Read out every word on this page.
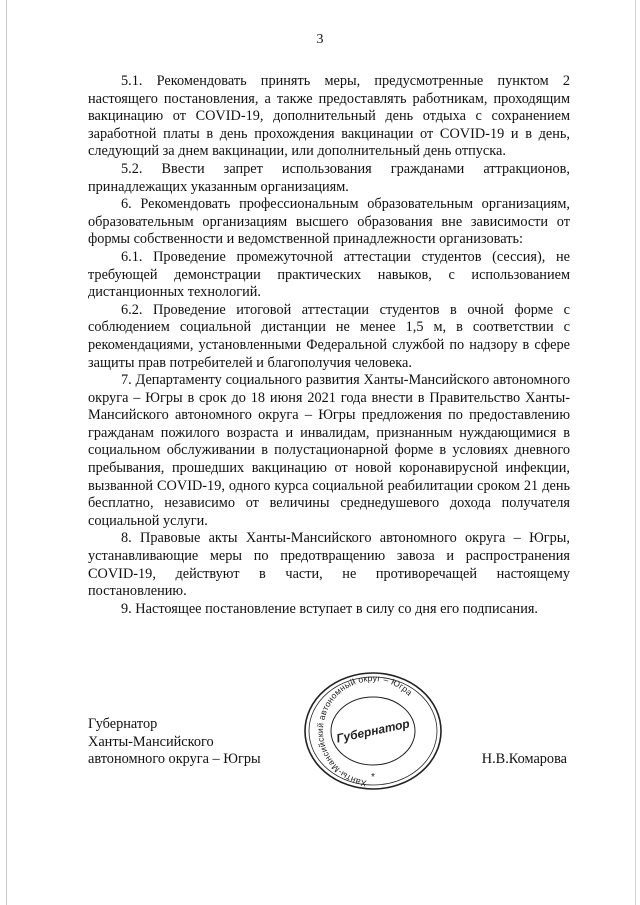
3

5.1. Рекомендовать принять меры, предусмотренные пунктом 2 настоящего постановления, а также предоставлять работникам, проходящим вакцинацию от COVID-19, дополнительный день отдыха с сохранением заработной платы в день прохождения вакцинации от COVID-19 и в день, следующий за днем вакцинации, или дополнительный день отпуска.

5.2. Ввести запрет использования гражданами аттракционов, принадлежащих указанным организациям.

6. Рекомендовать профессиональным образовательным организациям, образовательным организациям высшего образования вне зависимости от формы собственности и ведомственной принадлежности организовать:

6.1. Проведение промежуточной аттестации студентов (сессия), не требующей демонстрации практических навыков, с использованием дистанционных технологий.

6.2. Проведение итоговой аттестации студентов в очной форме с соблюдением социальной дистанции не менее 1,5 м, в соответствии с рекомендациями, установленными Федеральной службой по надзору в сфере защиты прав потребителей и благополучия человека.

7. Департаменту социального развития Ханты-Мансийского автономного округа – Югры в срок до 18 июня 2021 года внести в Правительство Ханты-Мансийского автономного округа – Югры предложения по предоставлению гражданам пожилого возраста и инвалидам, признанным нуждающимися в социальном обслуживании в полустационарной форме в условиях дневного пребывания, прошедших вакцинацию от новой коронавирусной инфекции, вызванной COVID-19, одного курса социальной реабилитации сроком 21 день бесплатно, независимо от величины среднедушевого дохода получателя социальной услуги.

8. Правовые акты Ханты-Мансийского автономного округа – Югры, устанавливающие меры по предотвращению завоза и распространения COVID-19, действуют в части, не противоречащей настоящему постановлению.

9. Настоящее постановление вступает в силу со дня его подписания.

Губернатор
Ханты-Мансийского
автономного округа – Югры
Ханты-Мансийский автономный округ – Югра
Губернатор
*
Н.В.Комарова
